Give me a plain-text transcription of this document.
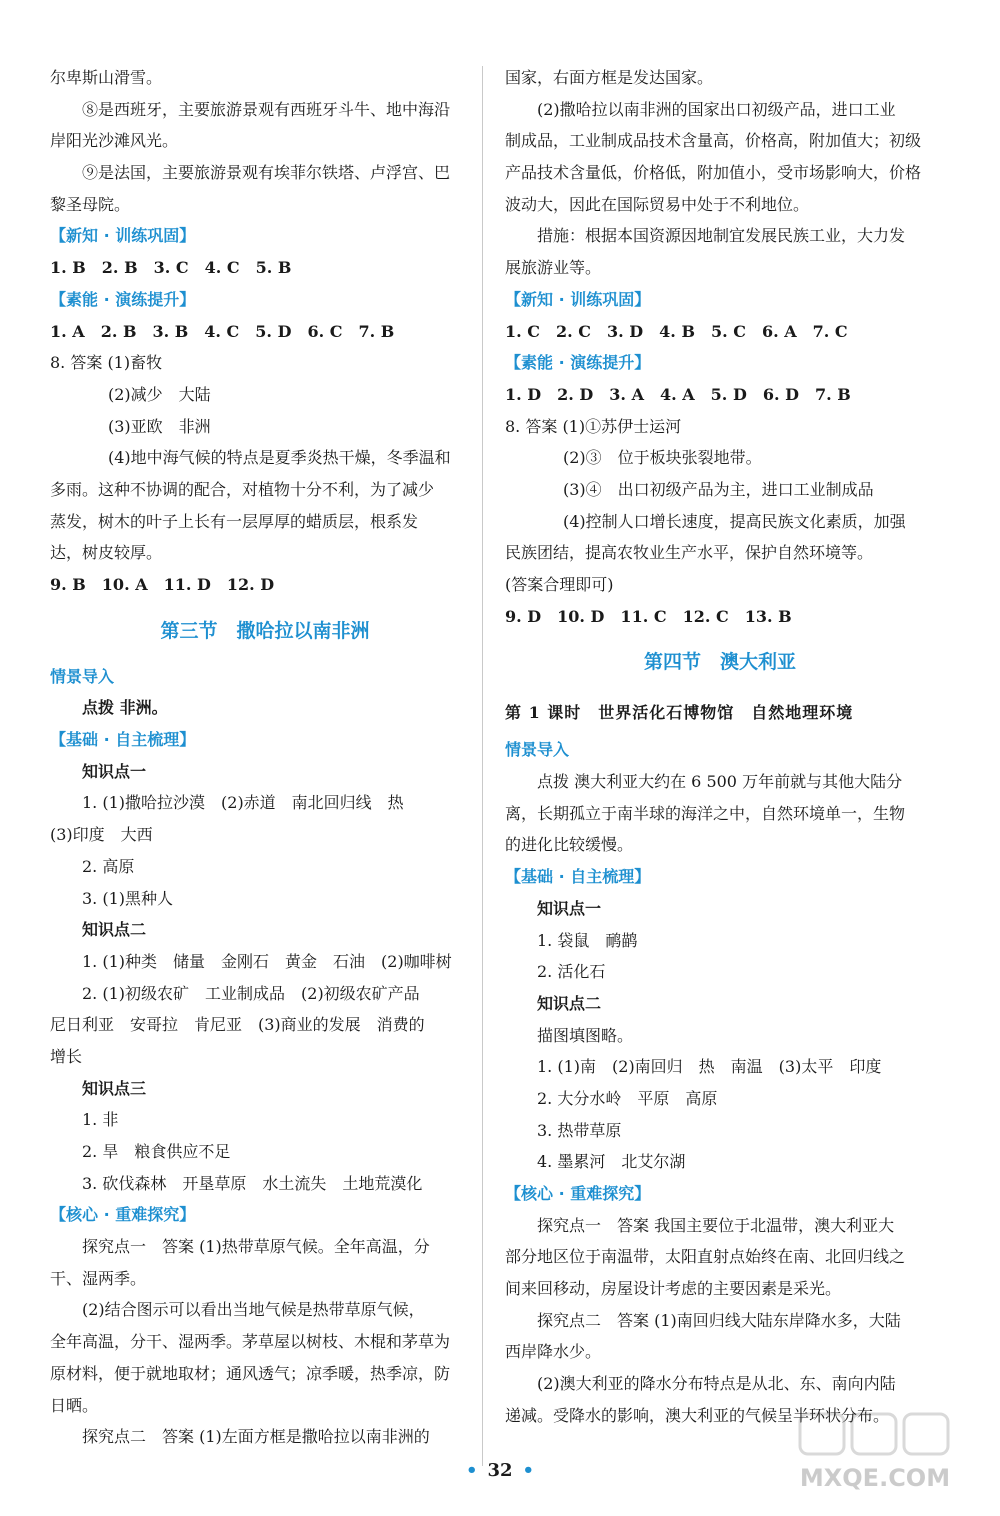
尔卑斯山滑雪。
⑧是西班牙，主要旅游景观有西班牙斗牛、地中海沿
岸阳光沙滩风光。
⑨是法国，主要旅游景观有埃菲尔铁塔、卢浮宫、巴
黎圣母院。
【新知 · 训练巩固】
1. B　2. B　3. C　4. C　5. B
【素能 · 演练提升】
1. A　2. B　3. B　4. C　5. D　6. C　7. B
8. 答案 (1)畜牧
(2)减少　大陆
(3)亚欧　非洲
(4)地中海气候的特点是夏季炎热干燥，冬季温和
多雨。这种不协调的配合，对植物十分不利，为了减少
蒸发，树木的叶子上长有一层厚厚的蜡质层，根系发
达，树皮较厚。
9. B　10. A　11. D　12. D
第三节　撒哈拉以南非洲
情景导入
点拨 非洲。
【基础 · 自主梳理】
知识点一
1. (1)撒哈拉沙漠　(2)赤道　南北回归线　热
(3)印度　大西
2. 高原
3. (1)黑种人
知识点二
1. (1)种类　储量　金刚石　黄金　石油　(2)咖啡树
2. (1)初级农矿　工业制成品　(2)初级农矿产品
尼日利亚　安哥拉　肯尼亚　(3)商业的发展　消费的
增长
知识点三
1. 非
2. 旱　粮食供应不足
3. 砍伐森林　开垦草原　水土流失　土地荒漠化
【核心 · 重难探究】
探究点一　答案 (1)热带草原气候。全年高温，分
干、湿两季。
(2)结合图示可以看出当地气候是热带草原气候，
全年高温，分干、湿两季。茅草屋以树枝、木棍和茅草为
原材料，便于就地取材；通风透气；凉季暖，热季凉，防
日晒。
探究点二　答案 (1)左面方框是撒哈拉以南非洲的
国家，右面方框是发达国家。
(2)撒哈拉以南非洲的国家出口初级产品，进口工业
制成品，工业制成品技术含量高，价格高，附加值大；初级
产品技术含量低，价格低，附加值小，受市场影响大，价格
波动大，因此在国际贸易中处于不利地位。
措施：根据本国资源因地制宜发展民族工业，大力发
展旅游业等。
【新知 · 训练巩固】
1. C　2. C　3. D　4. B　5. C　6. A　7. C
【素能 · 演练提升】
1. D　2. D　3. A　4. A　5. D　6. D　7. B
8. 答案 (1)①苏伊士运河
(2)③　位于板块张裂地带。
(3)④　出口初级产品为主，进口工业制成品
(4)控制人口增长速度，提高民族文化素质，加强
民族团结，提高农牧业生产水平，保护自然环境等。
(答案合理即可)
9. D　10. D　11. C　12. C　13. B
第四节　澳大利亚
第 1 课时　世界活化石博物馆　自然地理环境
情景导入
点拨 澳大利亚大约在 6 500 万年前就与其他大陆分
离，长期孤立于南半球的海洋之中，自然环境单一，生物
的进化比较缓慢。
【基础 · 自主梳理】
知识点一
1. 袋鼠　鸸鹋
2. 活化石
知识点二
描图填图略。
1. (1)南　(2)南回归　热　南温　(3)太平　印度
2. 大分水岭　平原　高原
3. 热带草原
4. 墨累河　北艾尔湖
【核心 · 重难探究】
探究点一　答案 我国主要位于北温带，澳大利亚大
部分地区位于南温带，太阳直射点始终在南、北回归线之
间来回移动，房屋设计考虑的主要因素是采光。
探究点二　答案 (1)南回归线大陆东岸降水多，大陆
西岸降水少。
(2)澳大利亚的降水分布特点是从北、东、南向内陆
递减。受降水的影响，澳大利亚的气候呈半环状分布。
• 32 •	MXQE.COM
